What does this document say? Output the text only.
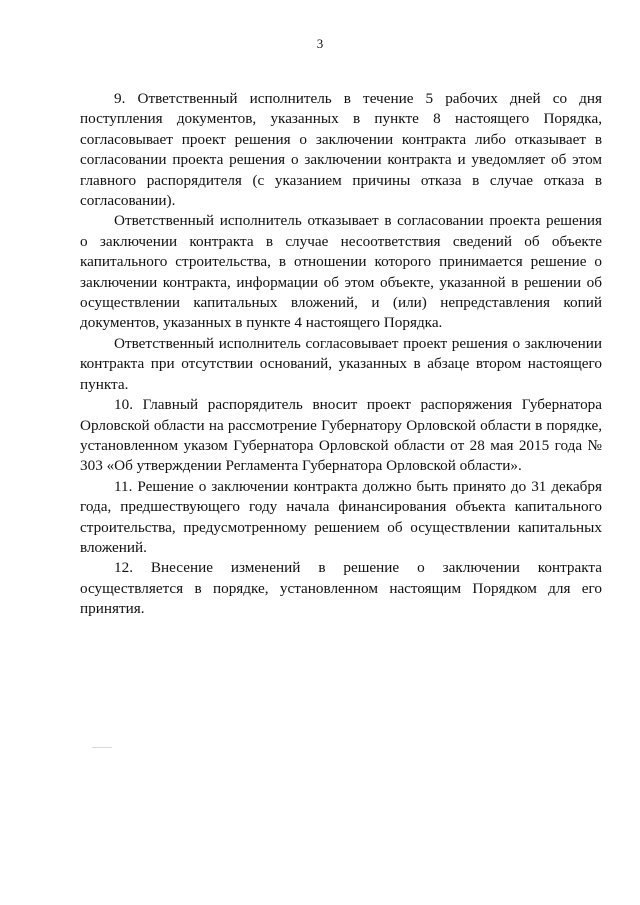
3

9. Ответственный исполнитель в течение 5 рабочих дней со дня поступления документов, указанных в пункте 8 настоящего Порядка, согласовывает проект решения о заключении контракта либо отказывает в согласовании проекта решения о заключении контракта и уведомляет об этом главного распорядителя (с указанием причины отказа в случае отказа в согласовании).

Ответственный исполнитель отказывает в согласовании проекта решения о заключении контракта в случае несоответствия сведений об объекте капитального строительства, в отношении которого принимается решение о заключении контракта, информации об этом объекте, указанной в решении об осуществлении капитальных вложений, и (или) непредставления копий документов, указанных в пункте 4 настоящего Порядка.

Ответственный исполнитель согласовывает проект решения о заключении контракта при отсутствии оснований, указанных в абзаце втором настоящего пункта.

10. Главный распорядитель вносит проект распоряжения Губернатора Орловской области на рассмотрение Губернатору Орловской области в порядке, установленном указом Губернатора Орловской области от 28 мая 2015 года № 303 «Об утверждении Регламента Губернатора Орловской области».

11. Решение о заключении контракта должно быть принято до 31 декабря года, предшествующего году начала финансирования объекта капитального строительства, предусмотренному решением об осуществлении капитальных вложений.

12. Внесение изменений в решение о заключении контракта осуществляется в порядке, установленном настоящим Порядком для его принятия.
